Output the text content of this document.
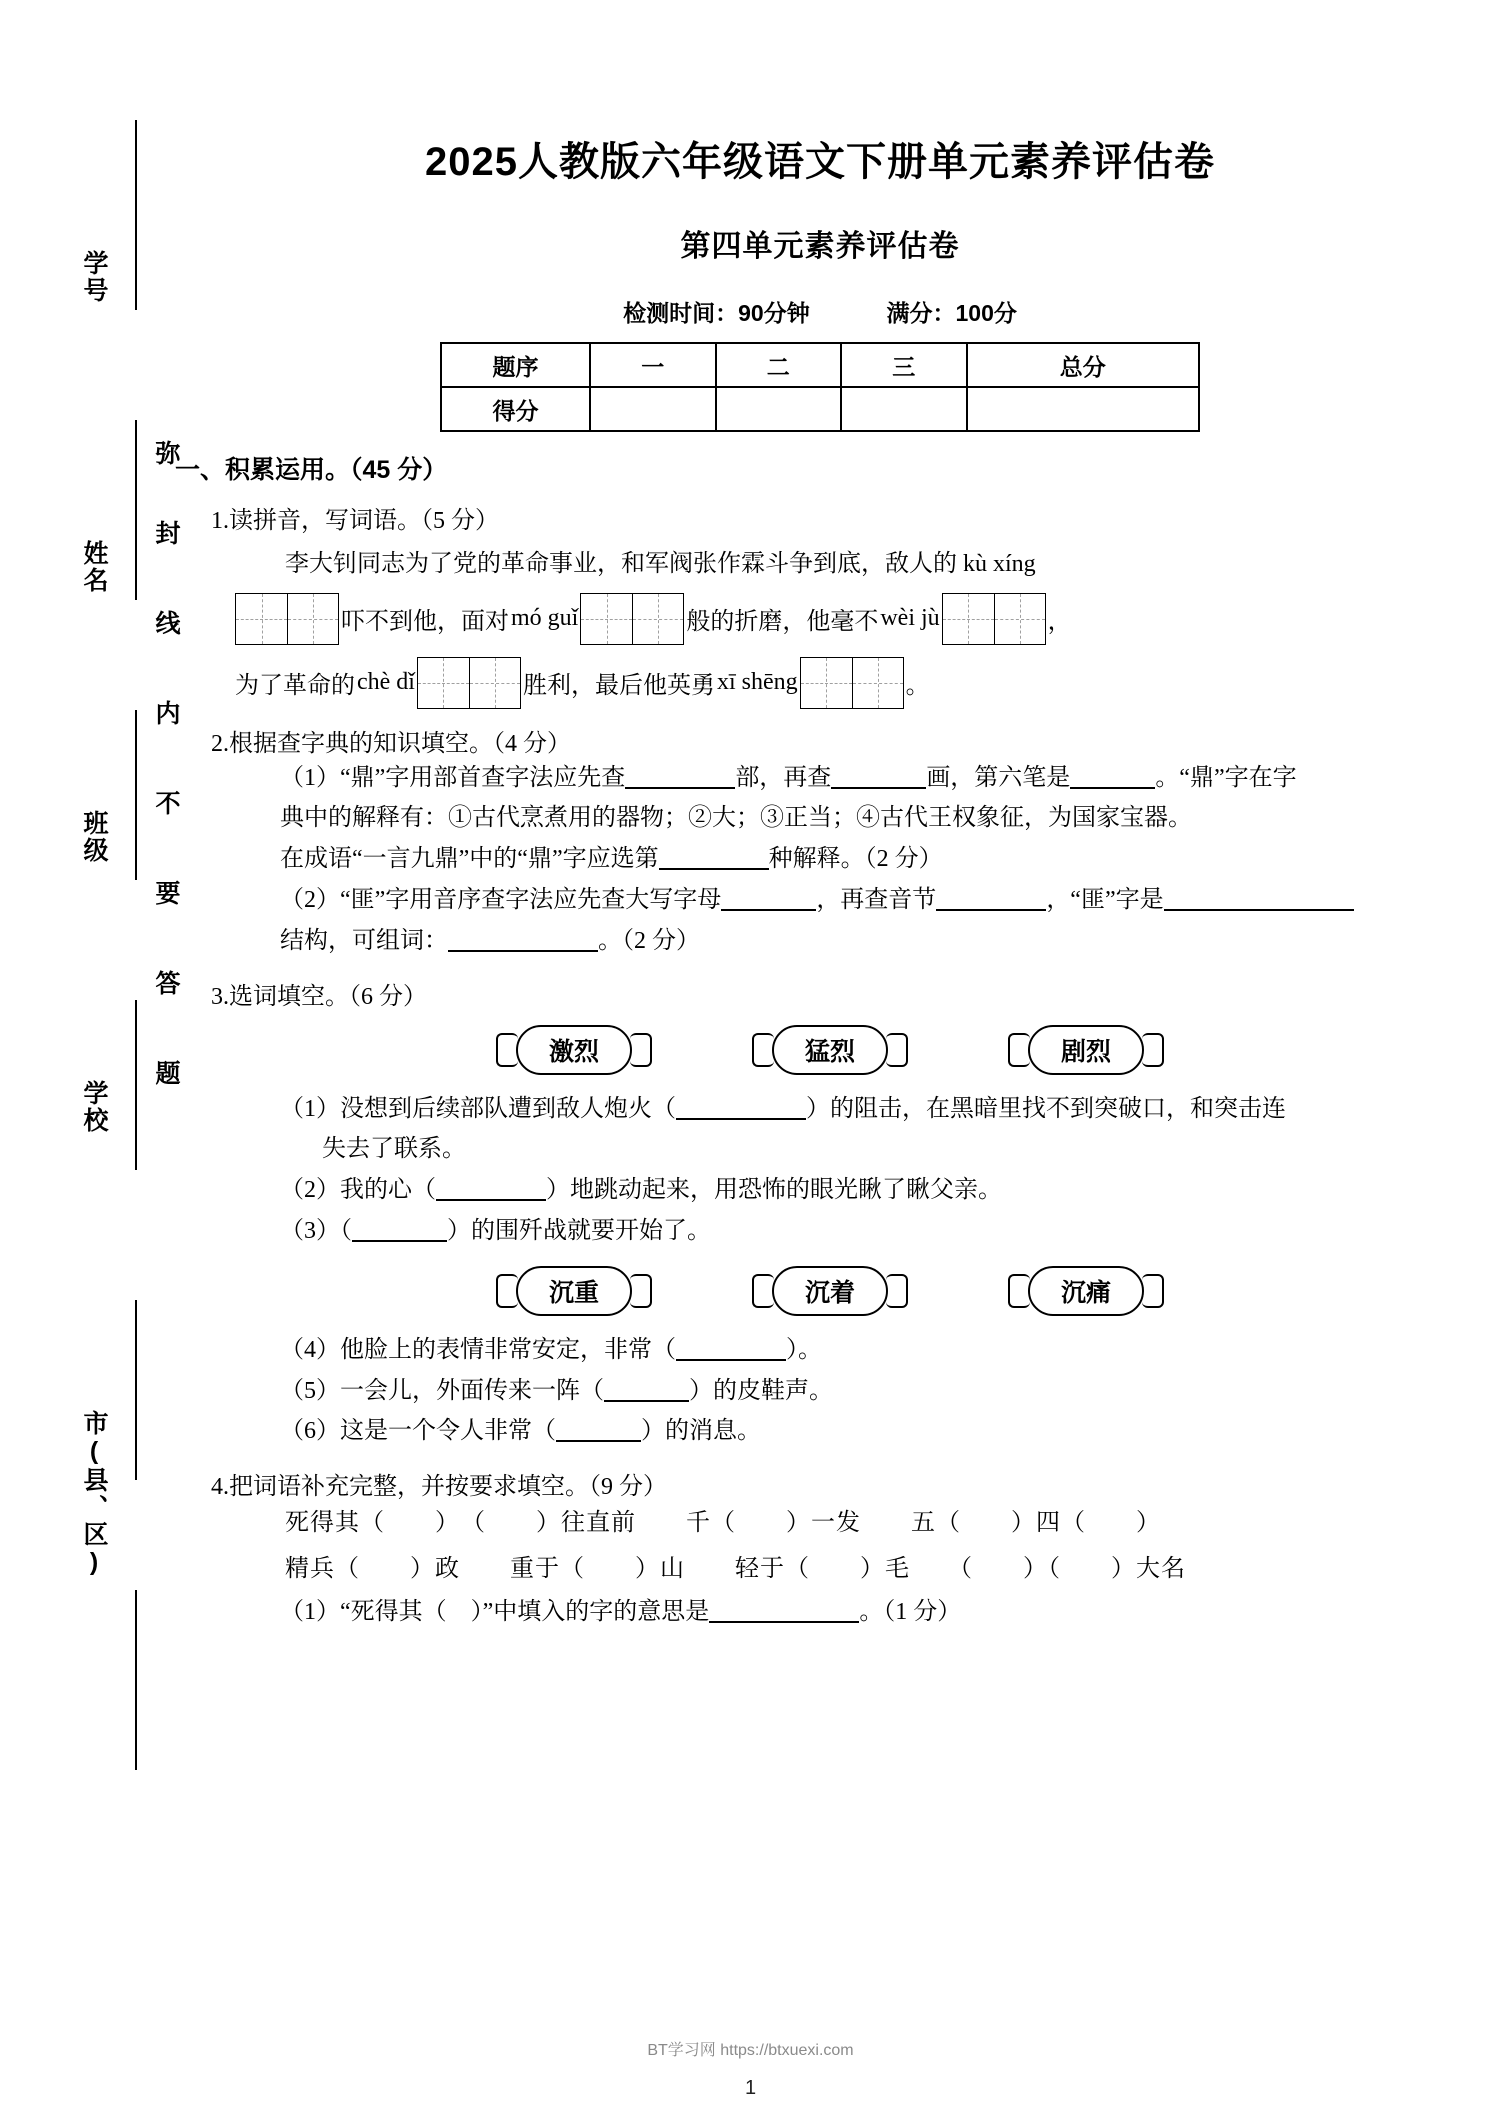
学号
姓名
班级
学校
市(县、区)
弥
封
线
内
不
要
答
题
2025人教版六年级语文下册单元素养评估卷
第四单元素养评估卷
检测时间：90分钟	满分：100分
题序	一	二	三	总分
得分				
一、积累运用。（45 分）
1.读拼音，写词语。（5 分）
李大钊同志为了党的革命事业，和军阀张作霖斗争到底，敌人的 kù xíng
吓不到他，面对 mó guǐ	般的折磨，他毫不 wèi jù	，
为了革命的 chè dǐ	胜利，最后他英勇 xī shēng	。
2.根据查字典的知识填空。（4 分）
（1）“鼎”字用部首查字法应先查	部，再查	画，第六笔是	。“鼎”字在字
典中的解释有：①古代烹煮用的器物；②大；③正当；④古代王权象征，为国家宝器。
在成语“一言九鼎”中的“鼎”字应选第	种解释。（2 分）
（2）“匪”字用音序查字法应先查大写字母	，再查音节	，“匪”字是
结构，可组词：	。（2 分）
3.选词填空。（6 分）
激烈	猛烈	剧烈
（1）没想到后续部队遭到敌人炮火（	）的阻击，在黑暗里找不到突破口，和突击连
失去了联系。
（2）我的心（	）地跳动起来，用恐怖的眼光瞅了瞅父亲。
（3）（	）的围歼战就要开始了。
沉重	沉着	沉痛
（4）他脸上的表情非常安定，非常（	）。
（5）一会儿，外面传来一阵（	）的皮鞋声。
（6）这是一个令人非常（	）的消息。
4.把词语补充完整，并按要求填空。（9 分）
死得其（　　）　（　　）往直前　　千（　　）一发　　五（　　）四（　　）
精兵（　　）政　　重于（　　）山　　轻于（　　）毛　　（　　）（　　）大名
（1）“死得其（　）”中填入的字的意思是	。（1 分）
BT学习网 https://btxuexi.com
1
